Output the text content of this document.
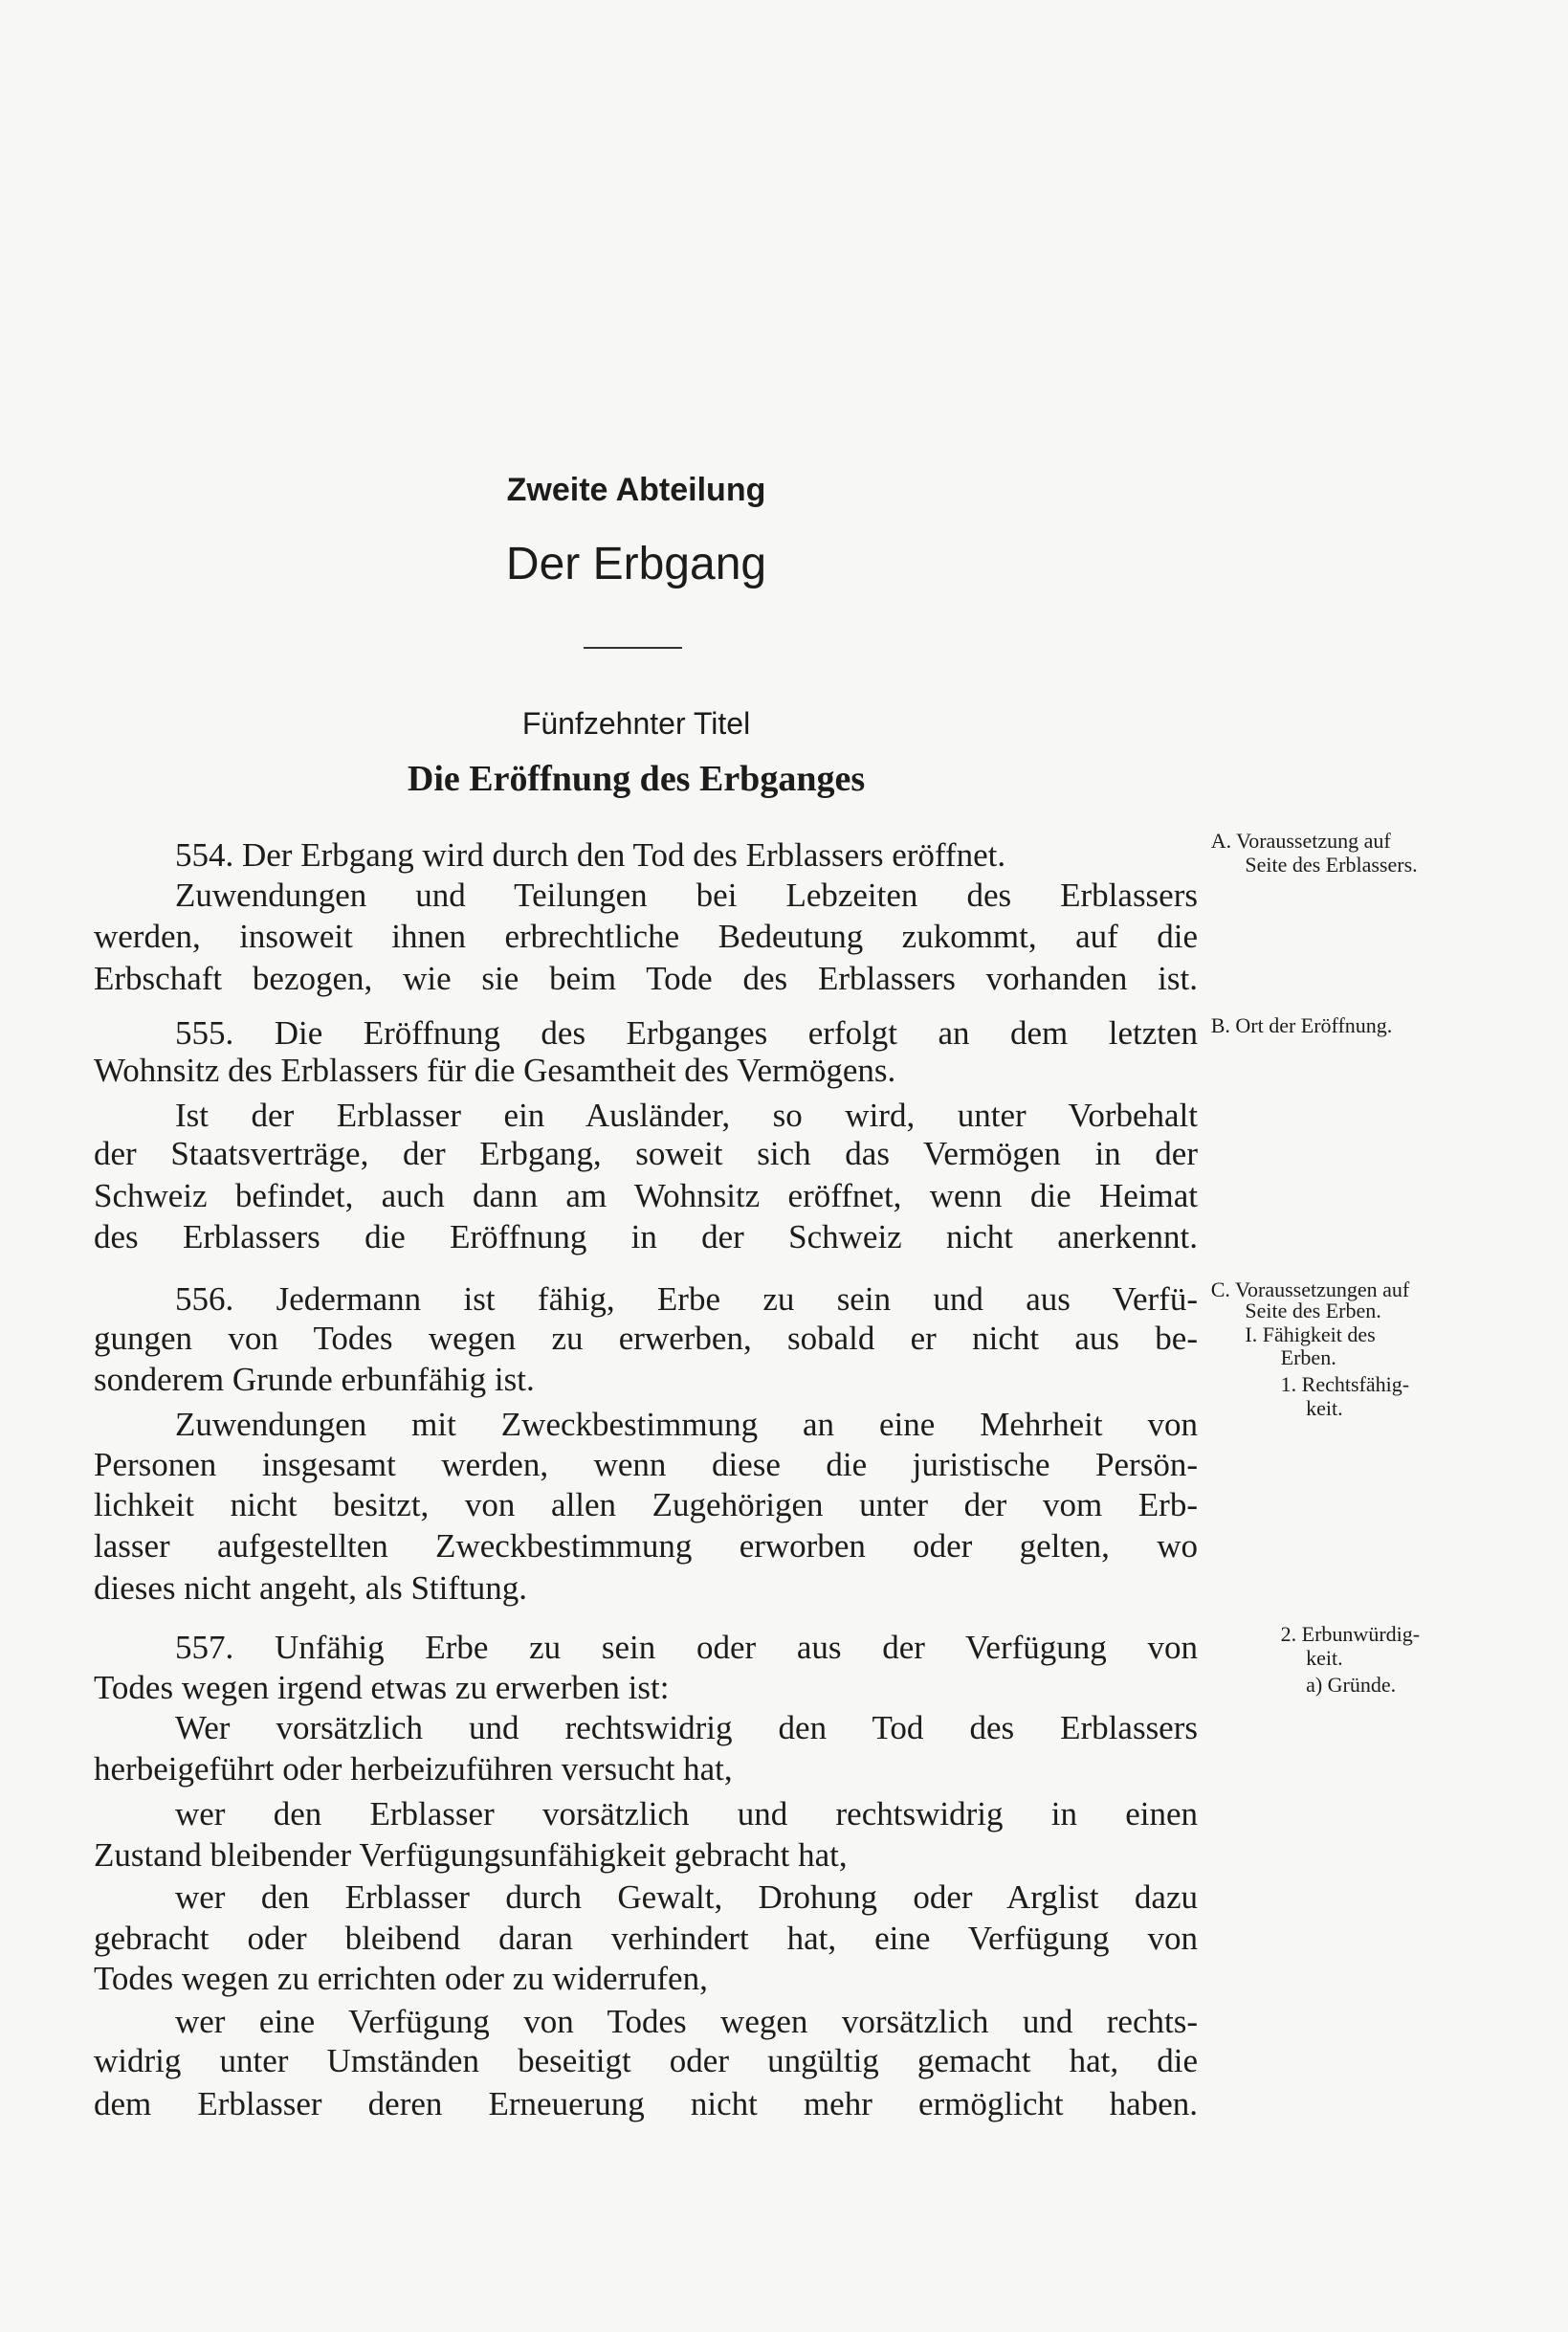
Zweite Abteilung
Der Erbgang
Fünfzehnter Titel
Die Eröffnung des Erbganges
554. Der Erbgang wird durch den Tod des Erblassers eröffnet.
Zuwendungen und Teilungen bei Lebzeiten des Erblassers
werden, insoweit ihnen erbrechtliche Bedeutung zukommt, auf die
Erbschaft bezogen, wie sie beim Tode des Erblassers vorhanden ist.
555. Die Eröffnung des Erbganges erfolgt an dem letzten
Wohnsitz des Erblassers für die Gesamtheit des Vermögens.
Ist der Erblasser ein Ausländer, so wird, unter Vorbehalt
der Staatsverträge, der Erbgang, soweit sich das Vermögen in der
Schweiz befindet, auch dann am Wohnsitz eröffnet, wenn die Heimat
des Erblassers die Eröffnung in der Schweiz nicht anerkennt.
556. Jedermann ist fähig, Erbe zu sein und aus Verfü-
gungen von Todes wegen zu erwerben, sobald er nicht aus be-
sonderem Grunde erbunfähig ist.
Zuwendungen mit Zweckbestimmung an eine Mehrheit von
Personen insgesamt werden, wenn diese die juristische Persön-
lichkeit nicht besitzt, von allen Zugehörigen unter der vom Erb-
lasser aufgestellten Zweckbestimmung erworben oder gelten, wo
dieses nicht angeht, als Stiftung.
557. Unfähig Erbe zu sein oder aus der Verfügung von
Todes wegen irgend etwas zu erwerben ist:
Wer vorsätzlich und rechtswidrig den Tod des Erblassers
herbeigeführt oder herbeizuführen versucht hat,
wer den Erblasser vorsätzlich und rechtswidrig in einen
Zustand bleibender Verfügungsunfähigkeit gebracht hat,
wer den Erblasser durch Gewalt, Drohung oder Arglist dazu
gebracht oder bleibend daran verhindert hat, eine Verfügung von
Todes wegen zu errichten oder zu widerrufen,
wer eine Verfügung von Todes wegen vorsätzlich und rechts-
widrig unter Umständen beseitigt oder ungültig gemacht hat, die
dem Erblasser deren Erneuerung nicht mehr ermöglicht haben.
A. Voraussetzung auf
Seite des Erblassers.
B. Ort der Eröffnung.
C. Voraussetzungen auf
Seite des Erben.
I. Fähigkeit des
Erben.
1. Rechtsfähig-
keit.
2. Erbunwürdig-
keit.
a) Gründe.
